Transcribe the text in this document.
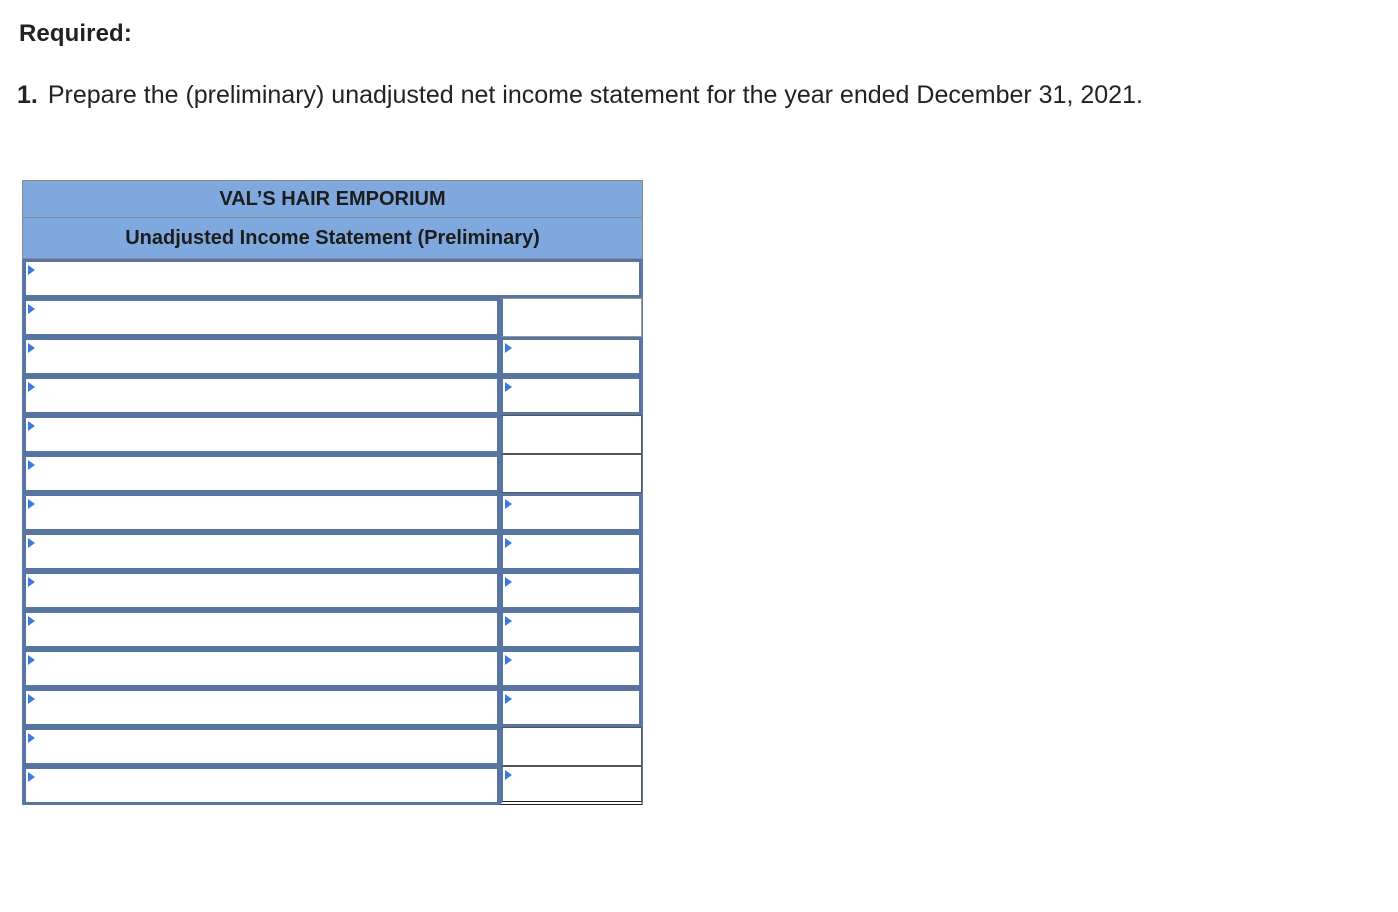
Required:
1. Prepare the (preliminary) unadjusted net income statement for the year ended December 31, 2021.
VAL’S HAIR EMPORIUM
Unadjusted Income Statement (Preliminary)
